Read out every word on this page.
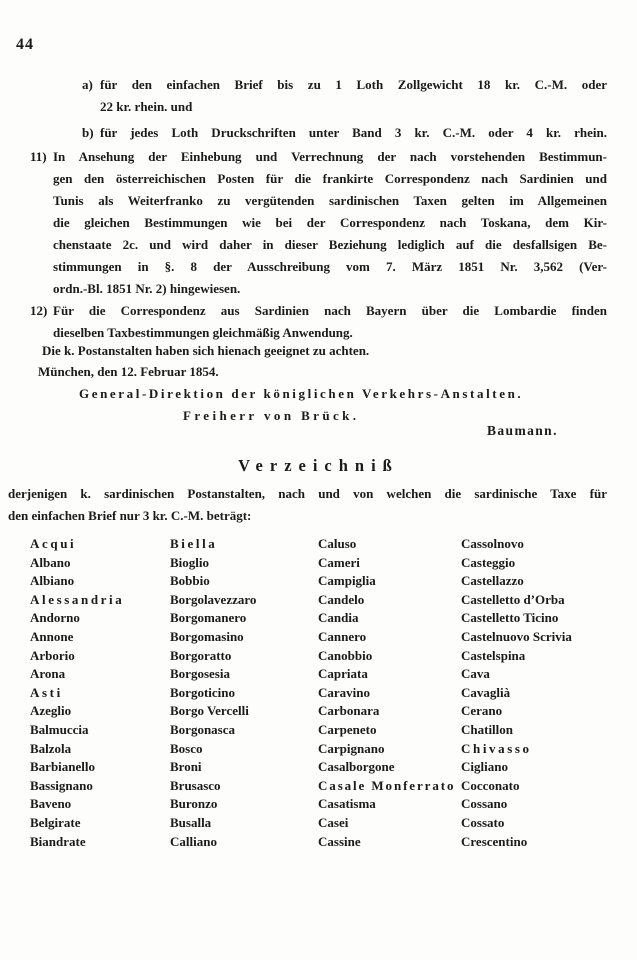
44
a) für den einfachen Brief bis zu 1 Loth Zollgewicht 18 kr. C.-M. oder
22 kr. rhein. und
b) für jedes Loth Druckschriften unter Band 3 kr. C.-M. oder 4 kr. rhein.
11) In Ansehung der Einhebung und Verrechnung der nach vorstehenden Bestimmun-
gen den österreichischen Posten für die frankirte Correspondenz nach Sardinien und
Tunis als Weiterfranko zu vergütenden sardinischen Taxen gelten im Allgemeinen
die gleichen Bestimmungen wie bei der Correspondenz nach Toskana, dem Kir-
chenstaate 2c. und wird daher in dieser Beziehung lediglich auf die desfallsigen Be-
stimmungen in §. 8 der Ausschreibung vom 7. März 1851 Nr. 3,562 (Ver-
ordn.-Bl. 1851 Nr. 2) hingewiesen.
12) Für die Correspondenz aus Sardinien nach Bayern über die Lombardie finden
dieselben Taxbestimmungen gleichmäßig Anwendung.
Die k. Postanstalten haben sich hienach geeignet zu achten.
München, den 12. Februar 1854.
General-Direktion der königlichen Verkehrs-Anstalten.
Freiherr von Brück.
Baumann.
Verzeichniß
derjenigen k. sardinischen Postanstalten, nach und von welchen die sardinische Taxe für
den einfachen Brief nur 3 kr. C.-M. beträgt:
Acqui
Albano
Albiano
Alessandria
Andorno
Annone
Arborio
Arona
Asti
Azeglio
Balmuccia
Balzola
Barbianello
Bassignano
Baveno
Belgirate
Biandrate
Biella
Bioglio
Bobbio
Borgolavezzaro
Borgomanero
Borgomasino
Borgoratto
Borgosesia
Borgoticino
Borgo Vercelli
Borgonasca
Bosco
Broni
Brusasco
Buronzo
Busalla
Calliano
Caluso
Cameri
Campiglia
Candelo
Candia
Cannero
Canobbio
Capriata
Caravino
Carbonara
Carpeneto
Carpignano
Casalborgone
Casale Monferrato
Casatisma
Casei
Cassine
Cassolnovo
Casteggio
Castellazzo
Castelletto d’Orba
Castelletto Ticino
Castelnuovo Scrivia
Castelspina
Cava
Cavaglià
Cerano
Chatillon
Chivasso
Cigliano
Cocconato
Cossano
Cossato
Crescentino
